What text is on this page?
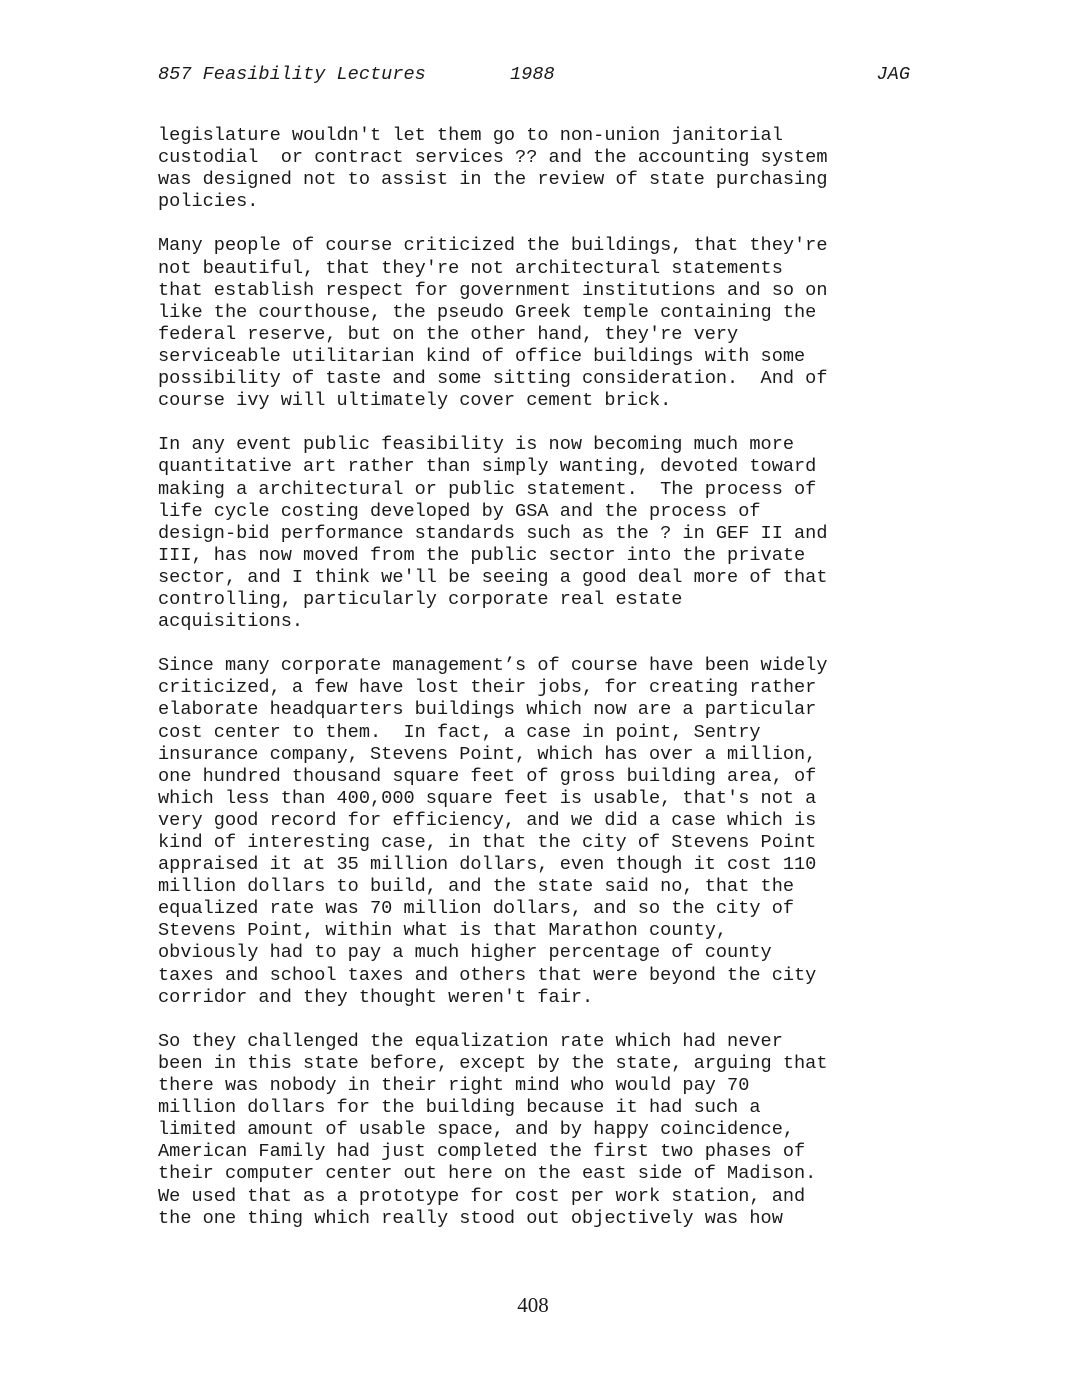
857 Feasibility Lectures	1988	JAG
legislature wouldn't let them go to non-union janitorial
custodial  or contract services ?? and the accounting system
was designed not to assist in the review of state purchasing
policies.
Many people of course criticized the buildings, that they're
not beautiful, that they're not architectural statements
that establish respect for government institutions and so on
like the courthouse, the pseudo Greek temple containing the
federal reserve, but on the other hand, they're very
serviceable utilitarian kind of office buildings with some
possibility of taste and some sitting consideration.  And of
course ivy will ultimately cover cement brick.
In any event public feasibility is now becoming much more
quantitative art rather than simply wanting, devoted toward
making a architectural or public statement.  The process of
life cycle costing developed by GSA and the process of
design-bid performance standards such as the ? in GEF II and
III, has now moved from the public sector into the private
sector, and I think we'll be seeing a good deal more of that
controlling, particularly corporate real estate
acquisitions.
Since many corporate management’s of course have been widely
criticized, a few have lost their jobs, for creating rather
elaborate headquarters buildings which now are a particular
cost center to them.  In fact, a case in point, Sentry
insurance company, Stevens Point, which has over a million,
one hundred thousand square feet of gross building area, of
which less than 400,000 square feet is usable, that's not a
very good record for efficiency, and we did a case which is
kind of interesting case, in that the city of Stevens Point
appraised it at 35 million dollars, even though it cost 110
million dollars to build, and the state said no, that the
equalized rate was 70 million dollars, and so the city of
Stevens Point, within what is that Marathon county,
obviously had to pay a much higher percentage of county
taxes and school taxes and others that were beyond the city
corridor and they thought weren't fair.
So they challenged the equalization rate which had never
been in this state before, except by the state, arguing that
there was nobody in their right mind who would pay 70
million dollars for the building because it had such a
limited amount of usable space, and by happy coincidence,
American Family had just completed the first two phases of
their computer center out here on the east side of Madison.
We used that as a prototype for cost per work station, and
the one thing which really stood out objectively was how
408
